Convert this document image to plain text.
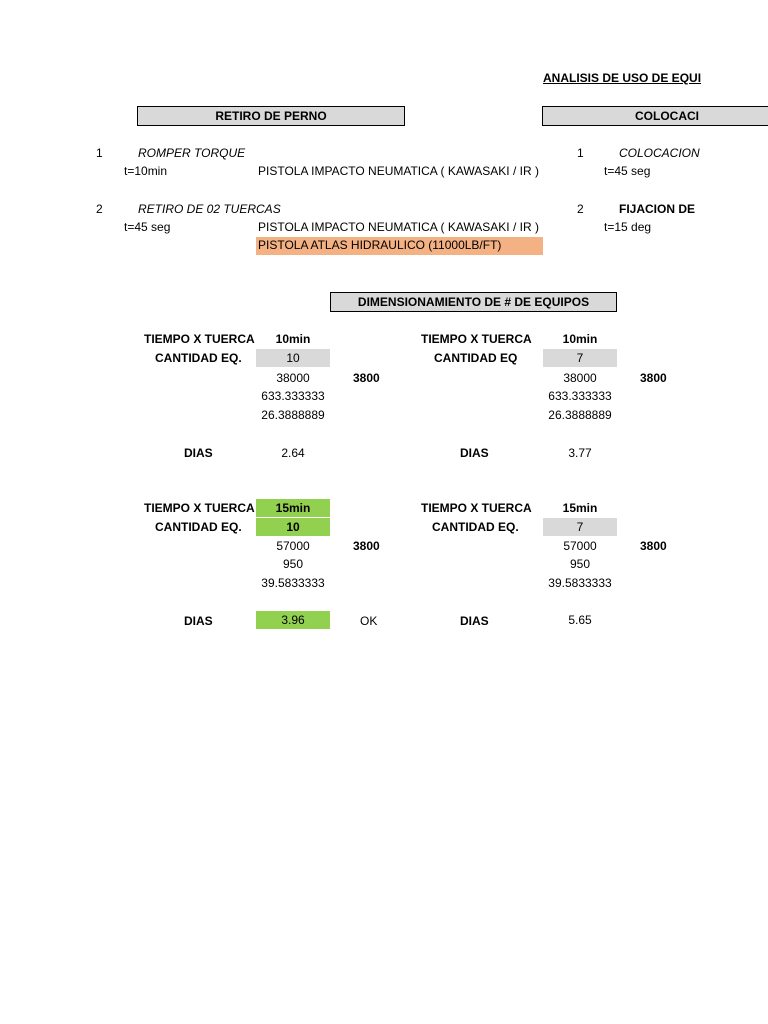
ANALISIS DE USO DE EQUI
RETIRO DE PERNO	COLOCACI
1	ROMPER TORQUE
t=10min	PISTOLA IMPACTO NEUMATICA ( KAWASAKI / IR )
2	RETIRO DE 02 TUERCAS
t=45 seg	PISTOLA IMPACTO NEUMATICA ( KAWASAKI / IR )
PISTOLA ATLAS HIDRAULICO (11000LB/FT)
1	COLOCACION
t=45 seg
2	FIJACION DE
t=15 deg
DIMENSIONAMIENTO DE # DE EQUIPOS
TIEMPO X TUERCA	10min
CANTIDAD EQ.	10
38000	3800
633.333333
26.3888889
DIAS	2.64
TIEMPO X TUERCA	10min
CANTIDAD EQ	7
38000	3800
633.333333
26.3888889
DIAS	3.77
TIEMPO X TUERCA	15min
CANTIDAD EQ.	10
57000	3800
950
39.5833333
DIAS	3.96	OK
TIEMPO X TUERCA	15min
CANTIDAD EQ.	7
57000	3800
950
39.5833333
DIAS	5.65
